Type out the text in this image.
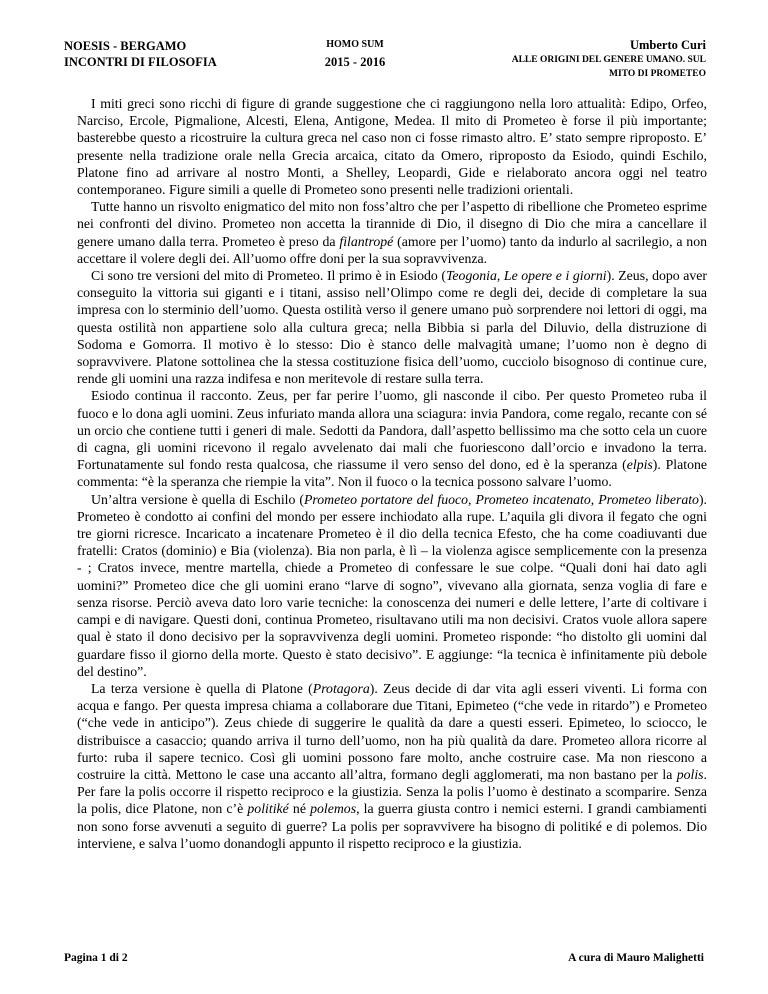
NOESIS - BERGAMO
INCONTRI DI FILOSOFIA
HOMO SUM
2015 - 2016
Umberto Curi
ALLE ORIGINI DEL GENERE UMANO. SUL
MITO DI PROMETEO

I miti greci sono ricchi di figure di grande suggestione che ci raggiungono nella loro attualità: Edipo, Orfeo, Narciso, Ercole, Pigmalione, Alcesti, Elena, Antigone, Medea. Il mito di Prometeo è forse il più importante; basterebbe questo a ricostruire la cultura greca nel caso non ci fosse rimasto altro. E’ stato sempre riproposto. E’ presente nella tradizione orale nella Grecia arcaica, citato da Omero, riproposto da Esiodo, quindi Eschilo, Platone fino ad arrivare al nostro Monti, a Shelley, Leopardi, Gide e rielaborato ancora oggi nel teatro contemporaneo. Figure simili a quelle di Prometeo sono presenti nelle tradizioni orientali.

Tutte hanno un risvolto enigmatico del mito non foss’altro che per l’aspetto di ribellione che Prometeo esprime nei confronti del divino. Prometeo non accetta la tirannide di Dio, il disegno di Dio che mira a cancellare il genere umano dalla terra. Prometeo è preso da filantropé (amore per l’uomo) tanto da indurlo al sacrilegio, a non accettare il volere degli dei. All’uomo offre doni per la sua sopravvivenza.

Ci sono tre versioni del mito di Prometeo. Il primo è in Esiodo (Teogonia, Le opere e i giorni). Zeus, dopo aver conseguito la vittoria sui giganti e i titani, assiso nell’Olimpo come re degli dei, decide di completare la sua impresa con lo sterminio dell’uomo. Questa ostilità verso il genere umano può sorprendere noi lettori di oggi, ma questa ostilità non appartiene solo alla cultura greca; nella Bibbia si parla del Diluvio, della distruzione di Sodoma e Gomorra. Il motivo è lo stesso: Dio è stanco delle malvagità umane; l’uomo non è degno di sopravvivere. Platone sottolinea che la stessa costituzione fisica dell’uomo, cucciolo bisognoso di continue cure, rende gli uomini una razza indifesa e non meritevole di restare sulla terra.

Esiodo continua il racconto. Zeus, per far perire l’uomo, gli nasconde il cibo. Per questo Prometeo ruba il fuoco e lo dona agli uomini. Zeus infuriato manda allora una sciagura: invia Pandora, come regalo, recante con sé un orcio che contiene tutti i generi di male. Sedotti da Pandora, dall’aspetto bellissimo ma che sotto cela un cuore di cagna, gli uomini ricevono il regalo avvelenato dai mali che fuoriescono dall’orcio e invadono la terra. Fortunatamente sul fondo resta qualcosa, che riassume il vero senso del dono, ed è la speranza (elpis). Platone commenta: “è la speranza che riempie la vita”. Non il fuoco o la tecnica possono salvare l’uomo.

Un’altra versione è quella di Eschilo (Prometeo portatore del fuoco, Prometeo incatenato, Prometeo liberato). Prometeo è condotto ai confini del mondo per essere inchiodato alla rupe. L’aquila gli divora il fegato che ogni tre giorni ricresce. Incaricato a incatenare Prometeo è il dio della tecnica Efesto, che ha come coadiuvanti due fratelli: Cratos (dominio) e Bia (violenza). Bia non parla, è lì – la violenza agisce semplicemente con la presenza - ; Cratos invece, mentre martella, chiede a Prometeo di confessare le sue colpe. “Quali doni hai dato agli uomini?” Prometeo dice che gli uomini erano “larve di sogno”, vivevano alla giornata, senza voglia di fare e senza risorse. Perciò aveva dato loro varie tecniche: la conoscenza dei numeri e delle lettere, l’arte di coltivare i campi e di navigare. Questi doni, continua Prometeo, risultavano utili ma non decisivi. Cratos vuole allora sapere qual è stato il dono decisivo per la sopravvivenza degli uomini. Prometeo risponde: “ho distolto gli uomini dal guardare fisso il giorno della morte. Questo è stato decisivo”. E aggiunge: “la tecnica è infinitamente più debole del destino”.

La terza versione è quella di Platone (Protagora). Zeus decide di dar vita agli esseri viventi. Li forma con acqua e fango. Per questa impresa chiama a collaborare due Titani, Epimeteo (“che vede in ritardo”) e Prometeo (“che vede in anticipo”). Zeus chiede di suggerire le qualità da dare a questi esseri. Epimeteo, lo sciocco, le distribuisce a casaccio; quando arriva il turno dell’uomo, non ha più qualità da dare. Prometeo allora ricorre al furto: ruba il sapere tecnico. Così gli uomini possono fare molto, anche costruire case. Ma non riescono a costruire la città. Mettono le case una accanto all’altra, formano degli agglomerati, ma non bastano per la polis. Per fare la polis occorre il rispetto reciproco e la giustizia. Senza la polis l’uomo è destinato a scomparire. Senza la polis, dice Platone, non c’è politiké né polemos, la guerra giusta contro i nemici esterni. I grandi cambiamenti non sono forse avvenuti a seguito di guerre? La polis per sopravvivere ha bisogno di politiké e di polemos. Dio interviene, e salva l’uomo donandogli appunto il rispetto reciproco e la giustizia.

Pagina 1 di 2	A cura di Mauro Malighetti
